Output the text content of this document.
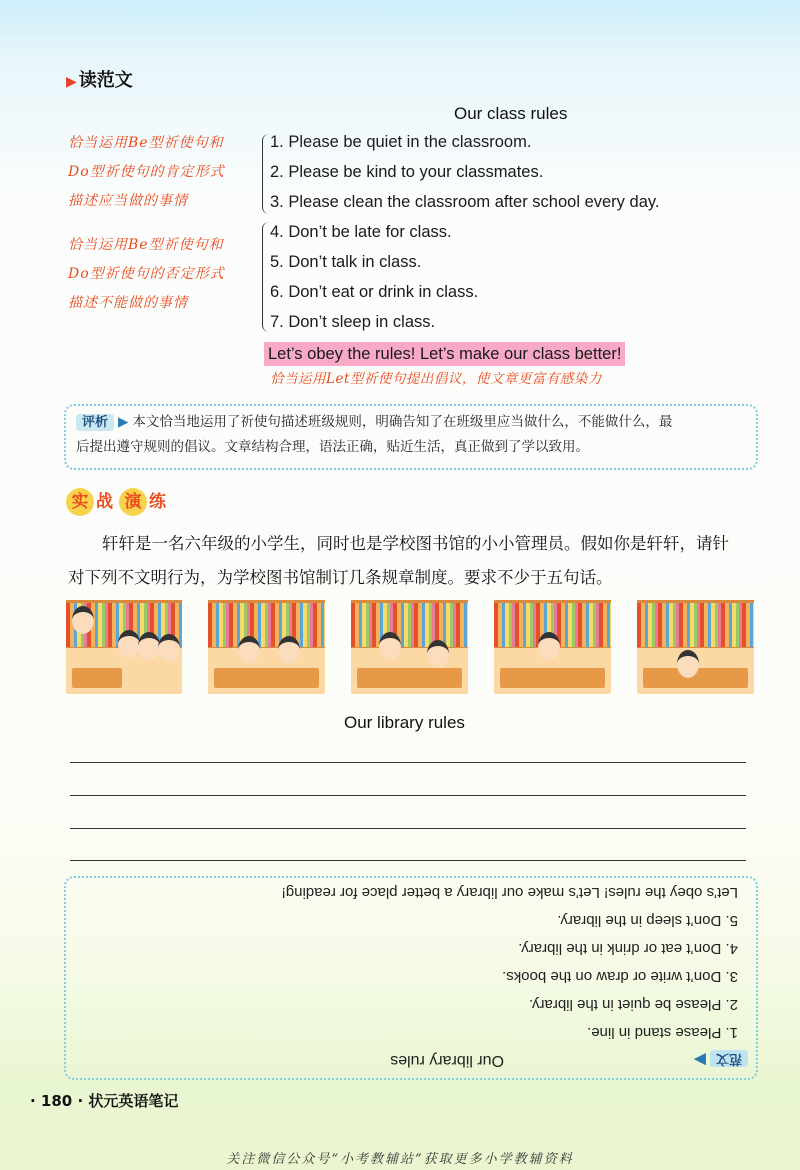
▶ 读范文
Our class rules
恰当运用Be型祈使句和
Do型祈使句的肯定形式
描述应当做的事情
恰当运用Be型祈使句和
Do型祈使句的否定形式
描述不能做的事情
1. Please be quiet in the classroom.
2. Please be kind to your classmates.
3. Please clean the classroom after school every day.
4. Don’t be late for class.
5. Don’t talk in class.
6. Don’t eat or drink in class.
7. Don’t sleep in class.
Let’s obey the rules! Let’s make our class better!
恰当运用Let型祈使句提出倡议，使文章更富有感染力
评析 ▶ 本文恰当地运用了祈使句描述班级规则，明确告知了在班级里应当做什么，不能做什么，最
后提出遵守规则的倡议。文章结构合理，语法正确，贴近生活，真正做到了学以致用。
实 战 演 练
轩轩是一名六年级的小学生，同时也是学校图书馆的小小管理员。假如你是轩轩，请针
对下列不文明行为，为学校图书馆制订几条规章制度。要求不少于五句话。
Our library rules
范文▶
Our library rules
1. Please stand in line.
2. Please be quiet in the library.
3. Don’t write or draw on the books.
4. Don’t eat or drink in the library.
5. Don’t sleep in the library.
Let’s obey the rules! Let’s make our library a better place for reading!
· 180 · 状元英语笔记
关注微信公众号“小考教辅站”获取更多小学教辅资料
